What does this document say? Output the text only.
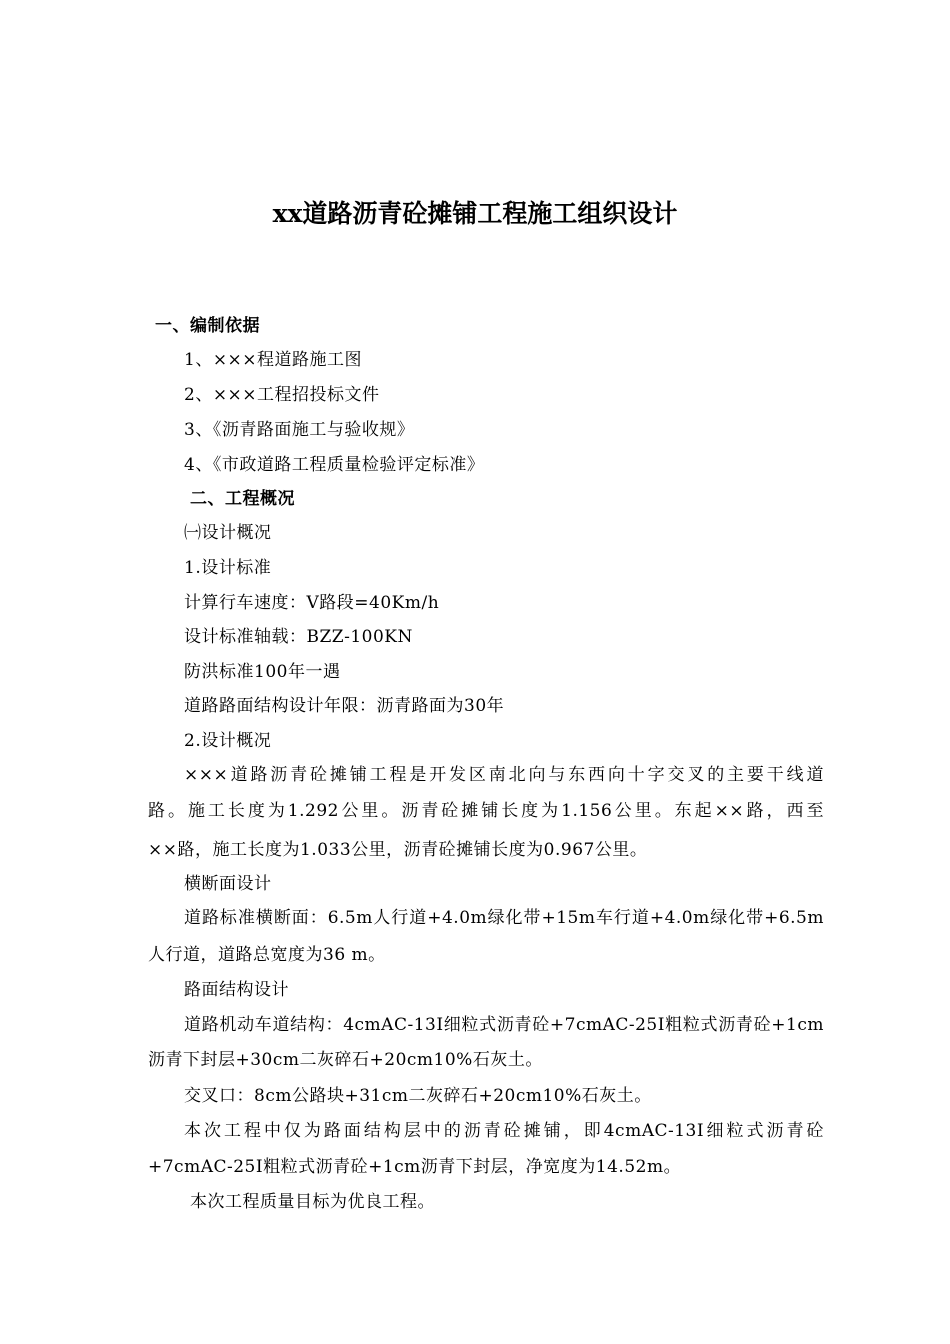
xx道路沥青砼摊铺工程施工组织设计
一、编制依据
1、×××程道路施工图
2、×××工程招投标文件
3、《沥青路面施工与验收规》
4、《市政道路工程质量检验评定标准》
二、工程概况
㈠设计概况
1.设计标准
计算行车速度：V路段=40Km/h
设计标准轴载：BZZ-100KN
防洪标准100年一遇
道路路面结构设计年限：沥青路面为30年
2.设计概况
×××道路沥青砼摊铺工程是开发区南北向与东西向十字交叉的主要干线道
路。施工长度为1.292公里。沥青砼摊铺长度为1.156公里。东起××路，西至
××路，施工长度为1.033公里，沥青砼摊铺长度为0.967公里。
横断面设计
道路标准横断面：6.5m人行道+4.0m绿化带+15m车行道+4.0m绿化带+6.5m
人行道，道路总宽度为36 m。
路面结构设计
道路机动车道结构：4cmAC-13I细粒式沥青砼+7cmAC-25I粗粒式沥青砼+1cm
沥青下封层+30cm二灰碎石+20cm10%石灰土。
交叉口：8cm公路块+31cm二灰碎石+20cm10%石灰土。
本次工程中仅为路面结构层中的沥青砼摊铺，即4cmAC-13I细粒式沥青砼
+7cmAC-25I粗粒式沥青砼+1cm沥青下封层，净宽度为14.52m。
本次工程质量目标为优良工程。
